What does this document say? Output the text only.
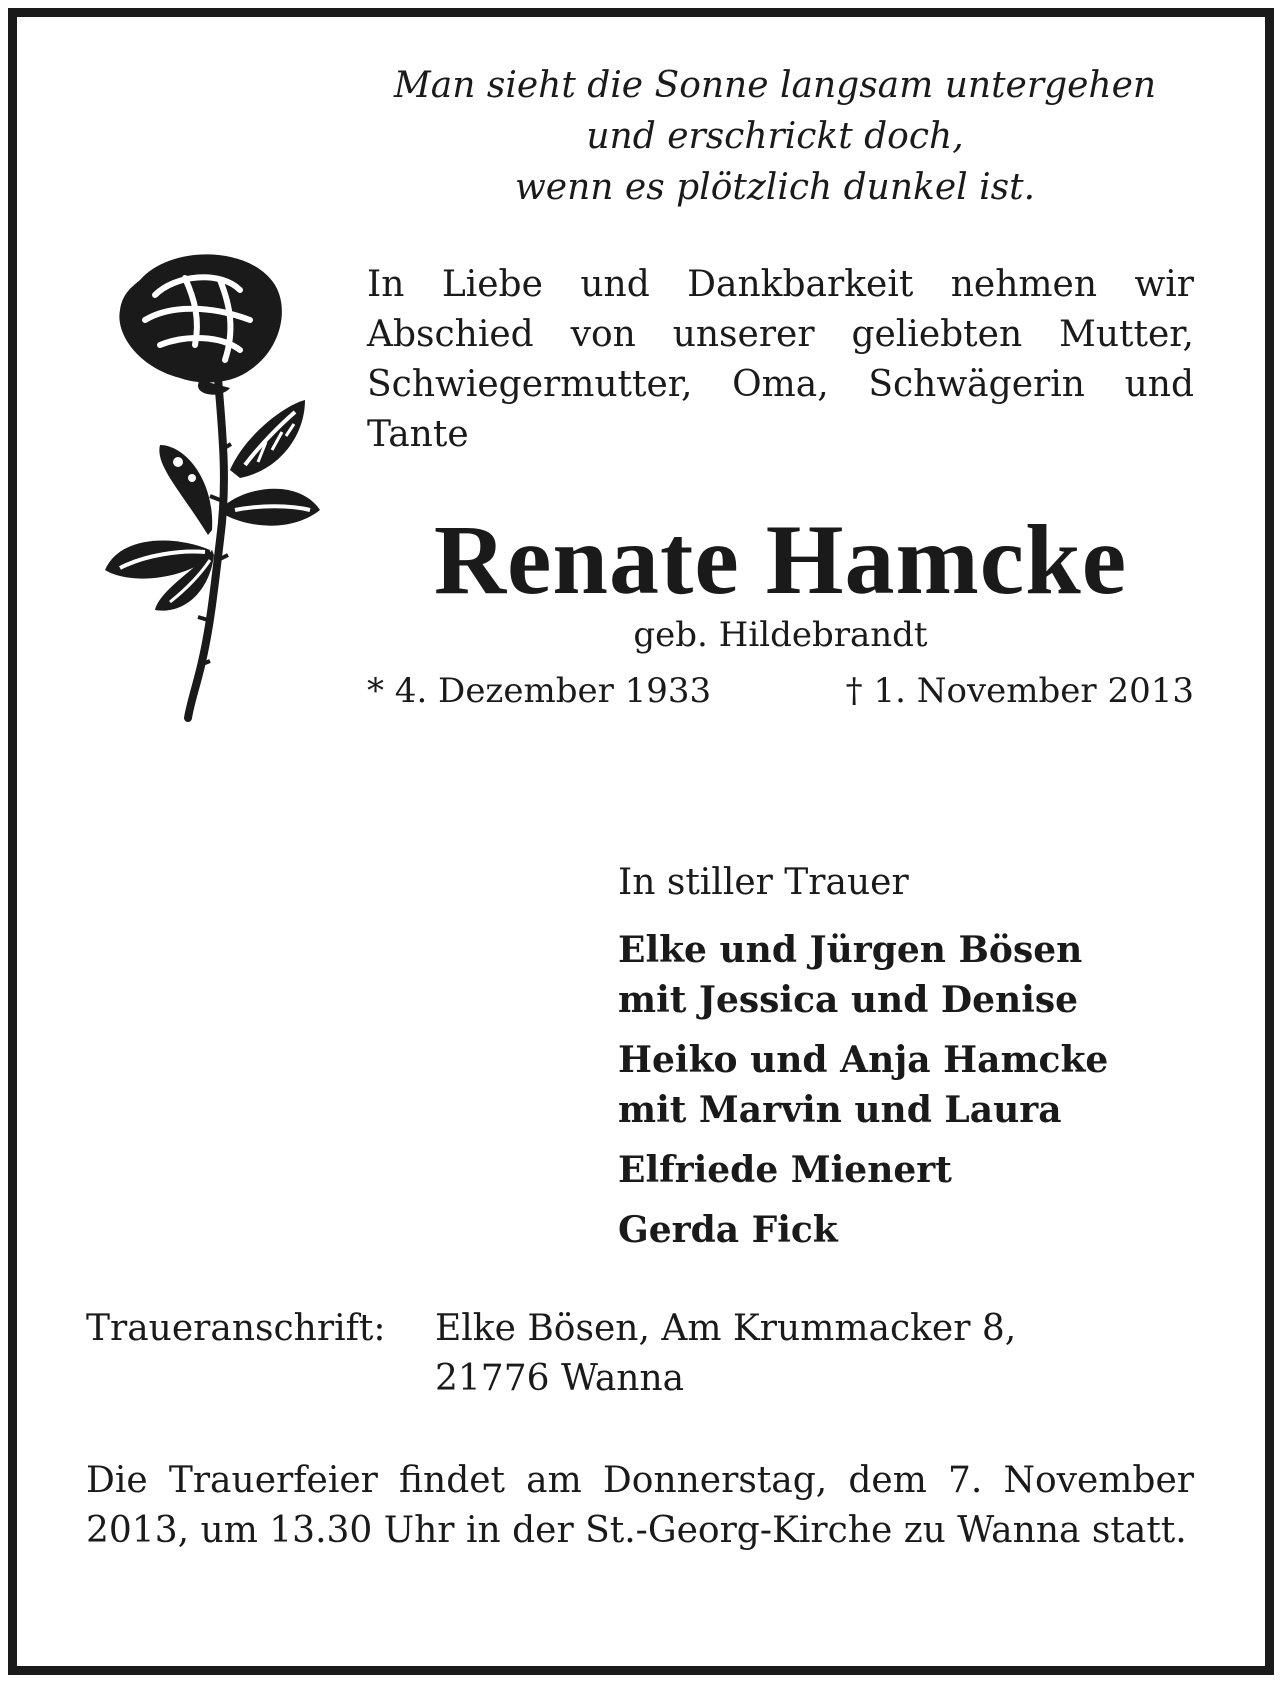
Man sieht die Sonne langsam untergehen
und erschrickt doch,
wenn es plötzlich dunkel ist.
In Liebe und Dankbarkeit nehmen wir Abschied von unserer geliebten Mutter, Schwiegermutter, Oma, Schwägerin und Tante
Renate Hamcke
geb. Hildebrandt
* 4. Dezember 1933	† 1. November 2013
In stiller Trauer
Elke und Jürgen Bösen
mit Jessica und Denise
Heiko und Anja Hamcke
mit Marvin und Laura
Elfriede Mienert
Gerda Fick
Traueranschrift: Elke Bösen, Am Krummacker 8,
21776 Wanna
Die Trauerfeier findet am Donnerstag, dem 7. November 2013, um 13.30 Uhr in der St.-Georg-Kirche zu Wanna statt.
